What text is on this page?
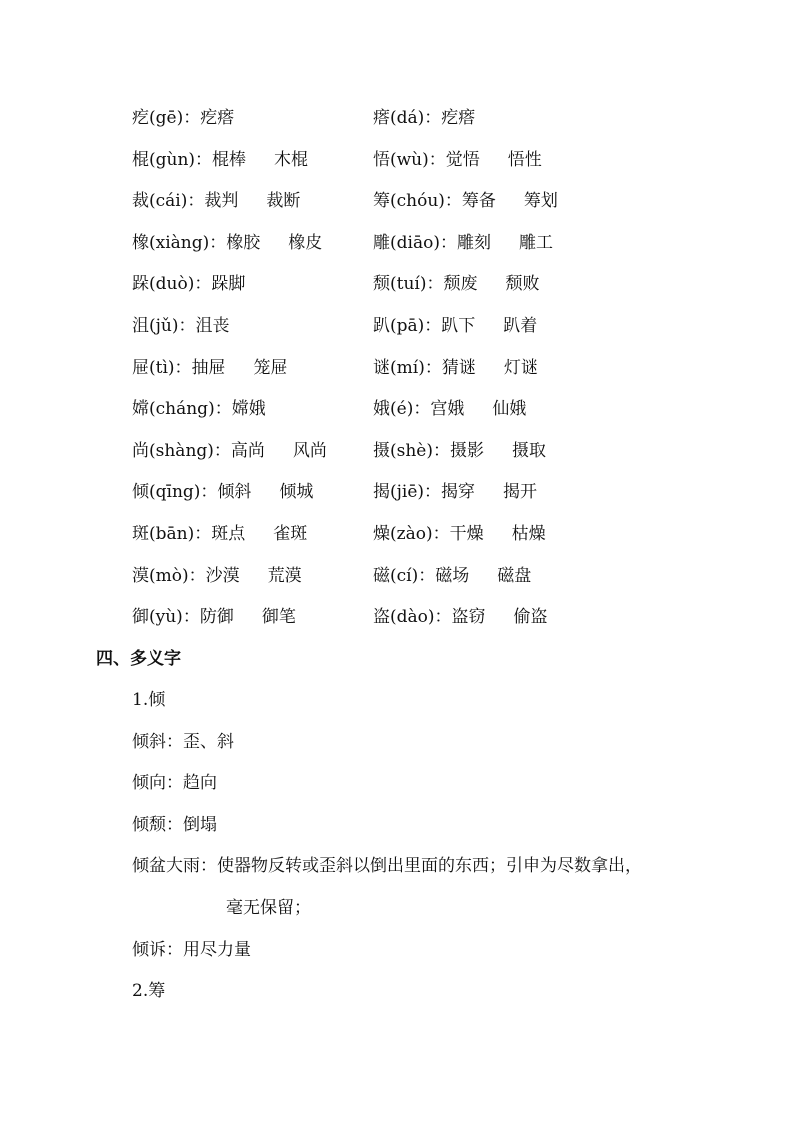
疙(gē)：疙瘩	瘩(dá)：疙瘩
棍(gùn)：棍棒 木棍	悟(wù)：觉悟 悟性
裁(cái)：裁判 裁断	筹(chóu)：筹备 筹划
橡(xiàng)：橡胶 橡皮	雕(diāo)：雕刻 雕工
跺(duò)：跺脚	颓(tuí)：颓废 颓败
沮(jǔ)：沮丧	趴(pā)：趴下 趴着
屉(tì)：抽屉 笼屉	谜(mí)：猜谜 灯谜
嫦(cháng)：嫦娥	娥(é)：宫娥 仙娥
尚(shàng)：高尚 风尚	摄(shè)：摄影 摄取
倾(qīng)：倾斜 倾城	揭(jiē)：揭穿 揭开
斑(bān)：斑点 雀斑	燥(zào)：干燥 枯燥
漠(mò)：沙漠 荒漠	磁(cí)：磁场 磁盘
御(yù)：防御 御笔	盗(dào)：盗窃 偷盗
四、多义字
1.倾
倾斜：歪、斜
倾向：趋向
倾颓：倒塌
倾盆大雨：使器物反转或歪斜以倒出里面的东西；引申为尽数拿出，
毫无保留；
倾诉：用尽力量
2.筹
